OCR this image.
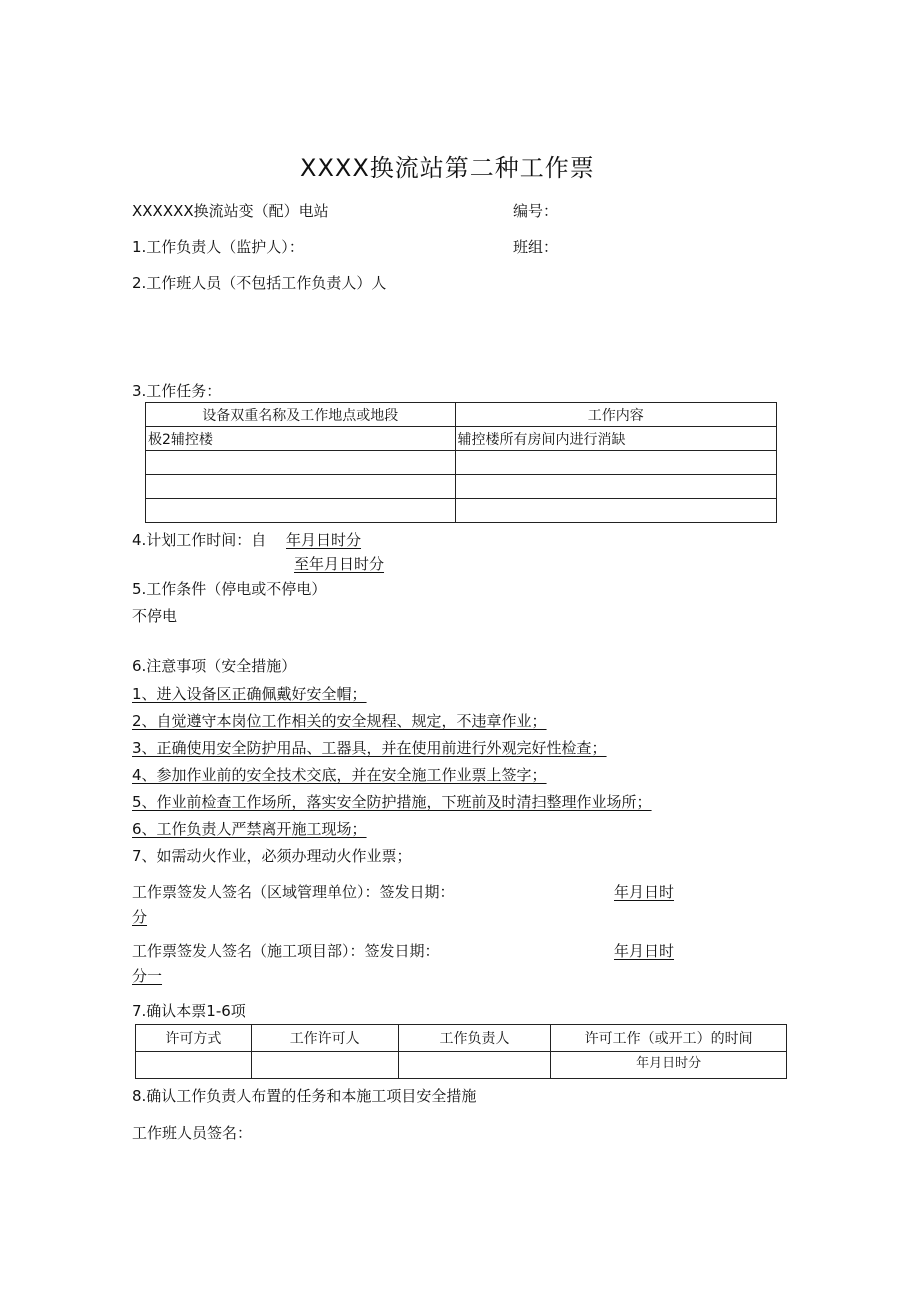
XXXX换流站第二种工作票
XXXXXX换流站变（配）电站	编号：
1.工作负责人（监护人）：	班组：
2.工作班人员（不包括工作负责人）人
3.工作任务：
设备双重名称及工作地点或地段	工作内容
极2辅控楼	辅控楼所有房间内进行消缺

4.计划工作时间：自 年月日时分
至年月日时分
5.工作条件（停电或不停电）
不停电
6.注意事项（安全措施）
1、进入设备区正确佩戴好安全帽；
2、自觉遵守本岗位工作相关的安全规程、规定，不违章作业；
3、正确使用安全防护用品、工器具，并在使用前进行外观完好性检查；
4、参加作业前的安全技术交底，并在安全施工作业票上签字；
5、作业前检查工作场所，落实安全防护措施，下班前及时清扫整理作业场所；
6、工作负责人严禁离开施工现场；
7、如需动火作业，必须办理动火作业票；
工作票签发人签名（区域管理单位）：签发日期：	年月日时
分
工作票签发人签名（施工项目部）：签发日期：	年月日时
分一
7.确认本票1-6项
许可方式	工作许可人	工作负责人	许可工作（或开工）的时间
			年月日时分
8.确认工作负责人布置的任务和本施工项目安全措施
工作班人员签名：
